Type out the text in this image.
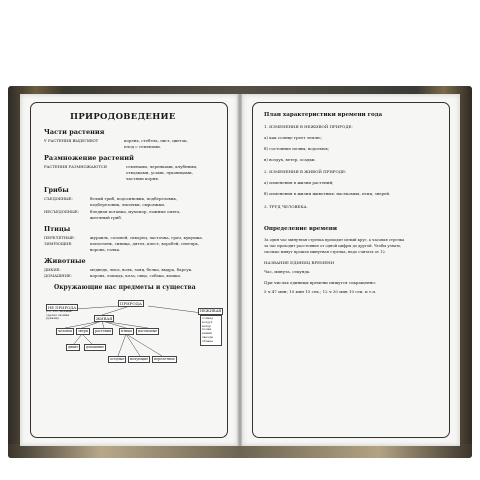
ПРИРОДОВЕДЕНИЕ
Части растения
У РАСТЕНИЯ ВЫДЕЛЯЮТ	корень, стебель, лист, цветок,
плод с семенами.
Размножение растений
РАСТЕНИЯ РАЗМНОЖАЮТСЯ	семенами, черенками, клубнями,
отводками, усами, луковицами,
частями корня.
Грибы
СЪЕДОБНЫЕ:	белый гриб, подосиновик, подберезовик,
подберезовик, лисички, сыроежки.
НЕСЪЕДОБНЫЕ:	бледная поганка, мухомор, ложные опята,
желчный гриб.
Птицы
ПЕРЕЛЕТНЫЕ:	журавль, соловей, скворец, ласточка, грач, кукушка.
ЗИМУЮЩИЕ:	поползень, синица, дятел, клест, воробей, снегирь,
ворона, галка.
Животные
ДИКИЕ:	медведь, лиса, волк, заяц, белка, выдра, барсук.
ДОМАШНИЕ:	корова, лошадь, коза, овца, собака, кошка.
Окружающие нас предметы и существа
ПРИРОДА
НЕ ПРИРОДА
(то, что человек сделал своими руками)	ЖИВАЯ
НЕЖИВАЯ
солнце воздух ветер почва камни звезды облака
человек	звери	растения	птицы	насекомые
дикие	домашние
оседлые	кочующие	перелетные
План характеристики времени года
1. ИЗМЕНЕНИЯ В НЕЖИВОЙ ПРИРОДЕ:
а) как солнце греет землю;
б) состояние почвы, водоемов;
в) воздух, ветер, осадки.
2. ИЗМЕНЕНИЯ В ЖИВОЙ ПРИРОДЕ:
а) изменения в жизни растений;
б) изменения в жизни животных: насекомых, птиц, зверей.
3. ТРУД ЧЕЛОВЕКА.
Определение времени
За один час минутная стрелка проходит целый круг, а часовая стрелка
за час проходит расстояние от одной цифры до другой. Чтобы узнать,
сколько минут прошла минутная стрелка, надо считать от 12.
НАЗВАНИЕ ЕДИНИЦ ВРЕМЕНИ
Час, минута, секунда.
При числах единицы времени пишутся сокращенно:
5 ч 47 мин; 10 мин 15 сек.; 12 ч 30 мин 10 сек. и т.п.
